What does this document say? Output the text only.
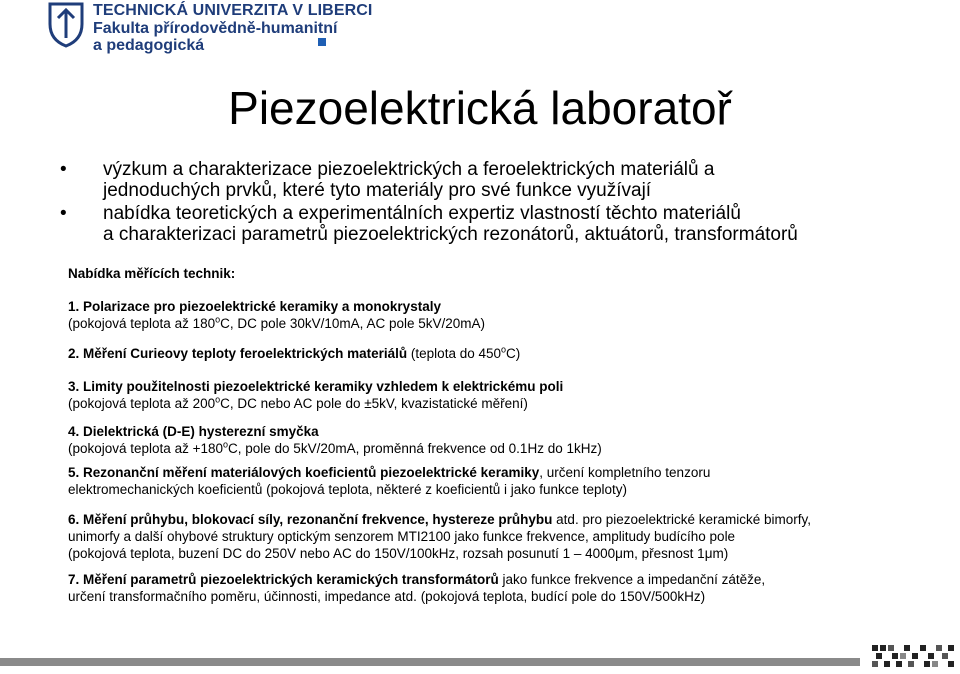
TECHNICKÁ UNIVERZITA V LIBERCI
Fakulta přírodovědně-humanitní
a pedagogická
Piezoelektrická laboratoř
• výzkum a charakterizace piezoelektrických a feroelektrických materiálů a
jednoduchých prvků, které tyto materiály pro své funkce využívají
• nabídka teoretických a experimentálních expertiz vlastností těchto materiálů
a charakterizaci parametrů piezoelektrických rezonátorů, aktuátorů, transformátorů
Nabídka měřících technik:
1. Polarizace pro piezoelektrické keramiky a monokrystaly
(pokojová teplota až 180$^o$C, DC pole 30kV/10mA, AC pole 5kV/20mA)
2. Měření Curieovy teploty feroelektrických materiálů (teplota do 450$^o$C)
3. Limity použitelnosti piezoelektrické keramiky vzhledem k elektrickému poli
(pokojová teplota až 200$^o$C, DC nebo AC pole do ±5kV, kvazistatické měření)
4. Dielektrická (D-E) hysterezní smyčka
(pokojová teplota až $+180^oC$, pole do 5kV/20mA, proměnná frekvence od 0.1Hz do 1kHz)
5. Rezonanční měření materiálových koeficientů piezoelektrické keramiky, určení kompletního tenzoru
elektromechanických koeficientů (pokojová teplota, některé z koeficientů i jako funkce teploty)
6. Měření průhybu, blokovací síly, rezonanční frekvence, hystereze průhybu atd. pro piezoelektrické keramické bimorfy,
unimorfy a další ohybové struktury optickým senzorem MTI2100 jako funkce frekvence, amplitudy budícího pole
(pokojová teplota, buzení DC do 250V nebo AC do 150V/100kHz, rozsah posunutí 1 – 4000μm, přesnost 1μm)
7. Měření parametrů piezoelektrických keramických transformátorů jako funkce frekvence a impedanční zátěže,
určení transformačního poměru, účinnosti, impedance atd. (pokojová teplota, budící pole do 150V/500kHz)
